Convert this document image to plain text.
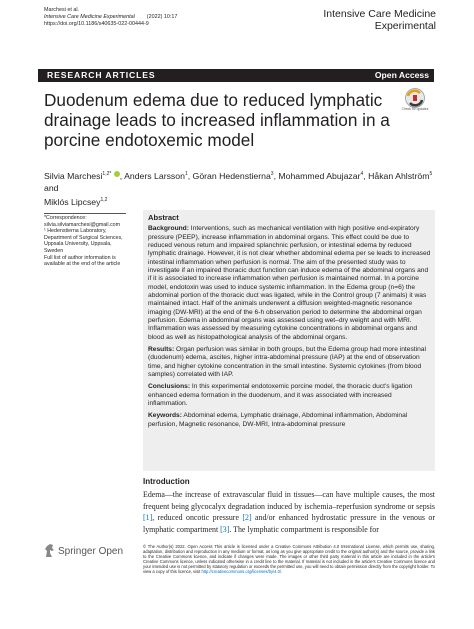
Marchesi et al.
Intensive Care Medicine Experimental (2022) 10:17
https://doi.org/10.1186/s40635-022-00444-9
Intensive Care Medicine
Experimental
RESEARCH ARTICLES	Open Access
Check for updates
Duodenum edema due to reduced lymphatic drainage leads to increased inflammation in a porcine endotoxemic model
Silvia Marchesi$^{1,2*}$ , Anders Larsson$^1$, Göran Hedenstierna$^3$, Mohammed Abujazar$^4$, Håkan Ahlström$^5$ and
Miklós Lipcsey$^{1,2}$
*Correspondence:
silvia.silviamarchesi@gmail.com
¹ Hedenstierna Laboratory, Department of Surgical Sciences, Uppsala University, Uppsala, Sweden
Full list of author information is available at the end of the article
Abstract

Background: Interventions, such as mechanical ventilation with high positive end-expiratory pressure (PEEP), increase inflammation in abdominal organs. This effect could be due to reduced venous return and impaired splanchnic perfusion, or intestinal edema by reduced lymphatic drainage. However, it is not clear whether abdominal edema per se leads to increased intestinal inflammation when perfusion is normal. The aim of the presented study was to investigate if an impaired thoracic duct function can induce edema of the abdominal organs and if it is associated to increase inflammation when perfusion is maintained normal. In a porcine model, endotoxin was used to induce systemic inflammation. In the Edema group (n=6) the abdominal portion of the thoracic duct was ligated, while in the Control group (7 animals) it was maintained intact. Half of the animals underwent a diffusion weighted-magnetic resonance imaging (DW-MRI) at the end of the 6-h observation period to determine the abdominal organ perfusion. Edema in abdominal organs was assessed using wet–dry weight and with MRI. Inflammation was assessed by measuring cytokine concentrations in abdominal organs and blood as well as histopathological analysis of the abdominal organs.

Results: Organ perfusion was similar in both groups, but the Edema group had more intestinal (duodenum) edema, ascites, higher intra-abdominal pressure (IAP) at the end of observation time, and higher cytokine concentration in the small intestine. Systemic cytokines (from blood samples) correlated with IAP.

Conclusions: In this experimental endotoxemic porcine model, the thoracic duct's ligation enhanced edema formation in the duodenum, and it was associated with increased inflammation.

Keywords: Abdominal edema, Lymphatic drainage, Abdominal inflammation, Abdominal perfusion, Magnetic resonance, DW-MRI, Intra-abdominal pressure

Introduction
Edema—the increase of extravascular fluid in tissues—can have multiple causes, the most frequent being glycocalyx degradation induced by ischemia–reperfusion syndrome or sepsis [1], reduced oncotic pressure [2] and/or enhanced hydrostatic pressure in the venous or lymphatic compartment [3]. The lymphatic compartment is responsible for
Springer Open	© The Author(s) 2022. Open Access This article is licensed under a Creative Commons Attribution 4.0 International License, which permits use, sharing, adaptation, distribution and reproduction in any medium or format, as long as you give appropriate credit to the original author(s) and the source, provide a link to the Creative Commons licence, and indicate if changes were made. The images or other third party material in this article are included in the article's Creative Commons licence, unless indicated otherwise in a credit line to the material. If material is not included in the article's Creative Commons licence and your intended use is not permitted by statutory regulation or exceeds the permitted use, you will need to obtain permission directly from the copyright holder. To view a copy of this licence, visit http://creativecommons.org/licenses/by/4.0/.
